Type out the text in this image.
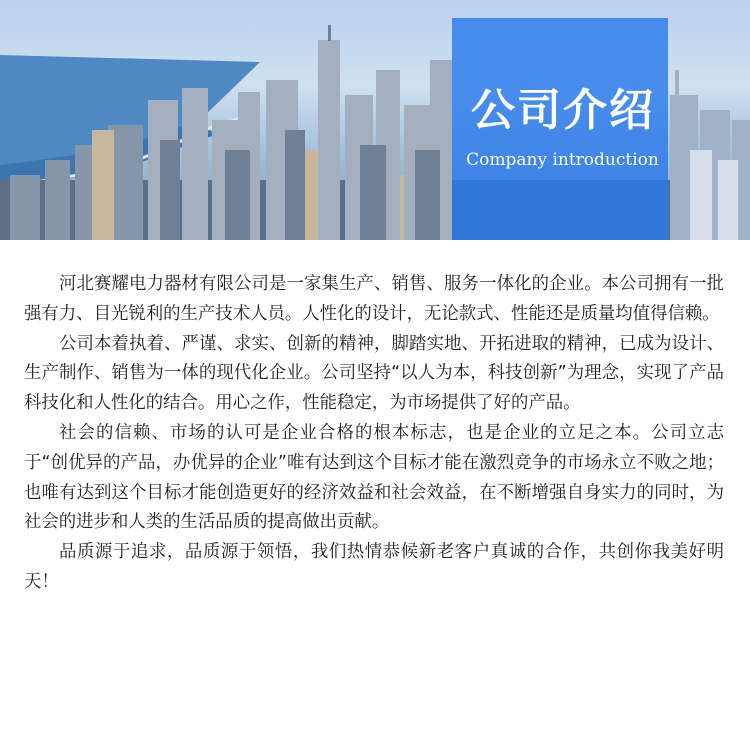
公司介绍
Company introduction

河北赛耀电力器材有限公司是一家集生产、销售、服务一体化的企业。本公司拥有一批强有力、目光锐利的生产技术人员。人性化的设计，无论款式、性能还是质量均值得信赖。

公司本着执着、严谨、求实、创新的精神，脚踏实地、开拓进取的精神，已成为设计、生产制作、销售为一体的现代化企业。公司坚持“以人为本，科技创新”为理念，实现了产品科技化和人性化的结合。用心之作，性能稳定，为市场提供了好的产品。

社会的信赖、市场的认可是企业合格的根本标志，也是企业的立足之本。公司立志于“创优异的产品，办优异的企业”唯有达到这个目标才能在激烈竞争的市场永立不败之地；也唯有达到这个目标才能创造更好的经济效益和社会效益，在不断增强自身实力的同时，为社会的进步和人类的生活品质的提高做出贡献。

品质源于追求，品质源于领悟，我们热情恭候新老客户真诚的合作，共创你我美好明天！
